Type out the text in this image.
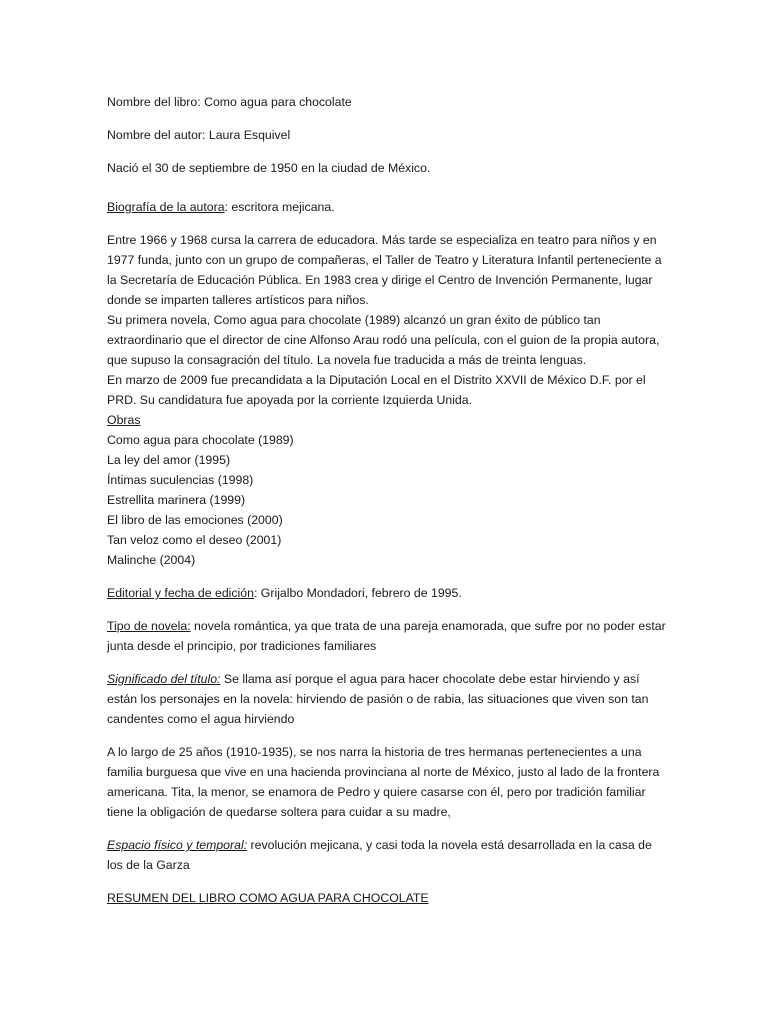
Nombre del libro: Como agua para chocolate

Nombre del autor: Laura Esquivel

Nació el 30 de septiembre de 1950 en la ciudad de México.

Biografía de la autora: escritora mejicana.

Entre 1966 y 1968 cursa la carrera de educadora. Más tarde se especializa en teatro para niños y en 1977 funda, junto con un grupo de compañeras, el Taller de Teatro y Literatura Infantil perteneciente a la Secretaría de Educación Pública. En 1983 crea y dirige el Centro de Invención Permanente, lugar donde se imparten talleres artísticos para niños.

Su primera novela, Como agua para chocolate (1989) alcanzó un gran éxito de público tan extraordinario que el director de cine Alfonso Arau rodó una película, con el guion de la propia autora, que supuso la consagración del título. La novela fue traducida a más de treinta lenguas.

En marzo de 2009 fue precandidata a la Diputación Local en el Distrito XXVII de México D.F. por el PRD. Su candidatura fue apoyada por la corriente Izquierda Unida.

Obras
Como agua para chocolate (1989)
La ley del amor (1995)
Íntimas suculencias (1998)
Estrellita marinera (1999)
El libro de las emociones (2000)
Tan veloz como el deseo (2001)
Malinche (2004)

Editorial y fecha de edición: Grijalbo Mondadori, febrero de 1995.

Tipo de novela: novela romántica, ya que trata de una pareja enamorada, que sufre por no poder estar junta desde el principio, por tradiciones familiares

Significado del título: Se llama así porque el agua para hacer chocolate debe estar hirviendo y así están los personajes en la novela: hirviendo de pasión o de rabia, las situaciones que viven son tan candentes como el agua hirviendo

A lo largo de 25 años (1910-1935), se nos narra la historia de tres hermanas pertenecientes a una familia burguesa que vive en una hacienda provinciana al norte de México, justo al lado de la frontera americana. Tita, la menor, se enamora de Pedro y quiere casarse con él, pero por tradición familiar tiene la obligación de quedarse soltera para cuidar a su madre,

Espacio físico y temporal: revolución mejicana, y casi toda la novela está desarrollada en la casa de los de la Garza

RESUMEN DEL LIBRO COMO AGUA PARA CHOCOLATE
